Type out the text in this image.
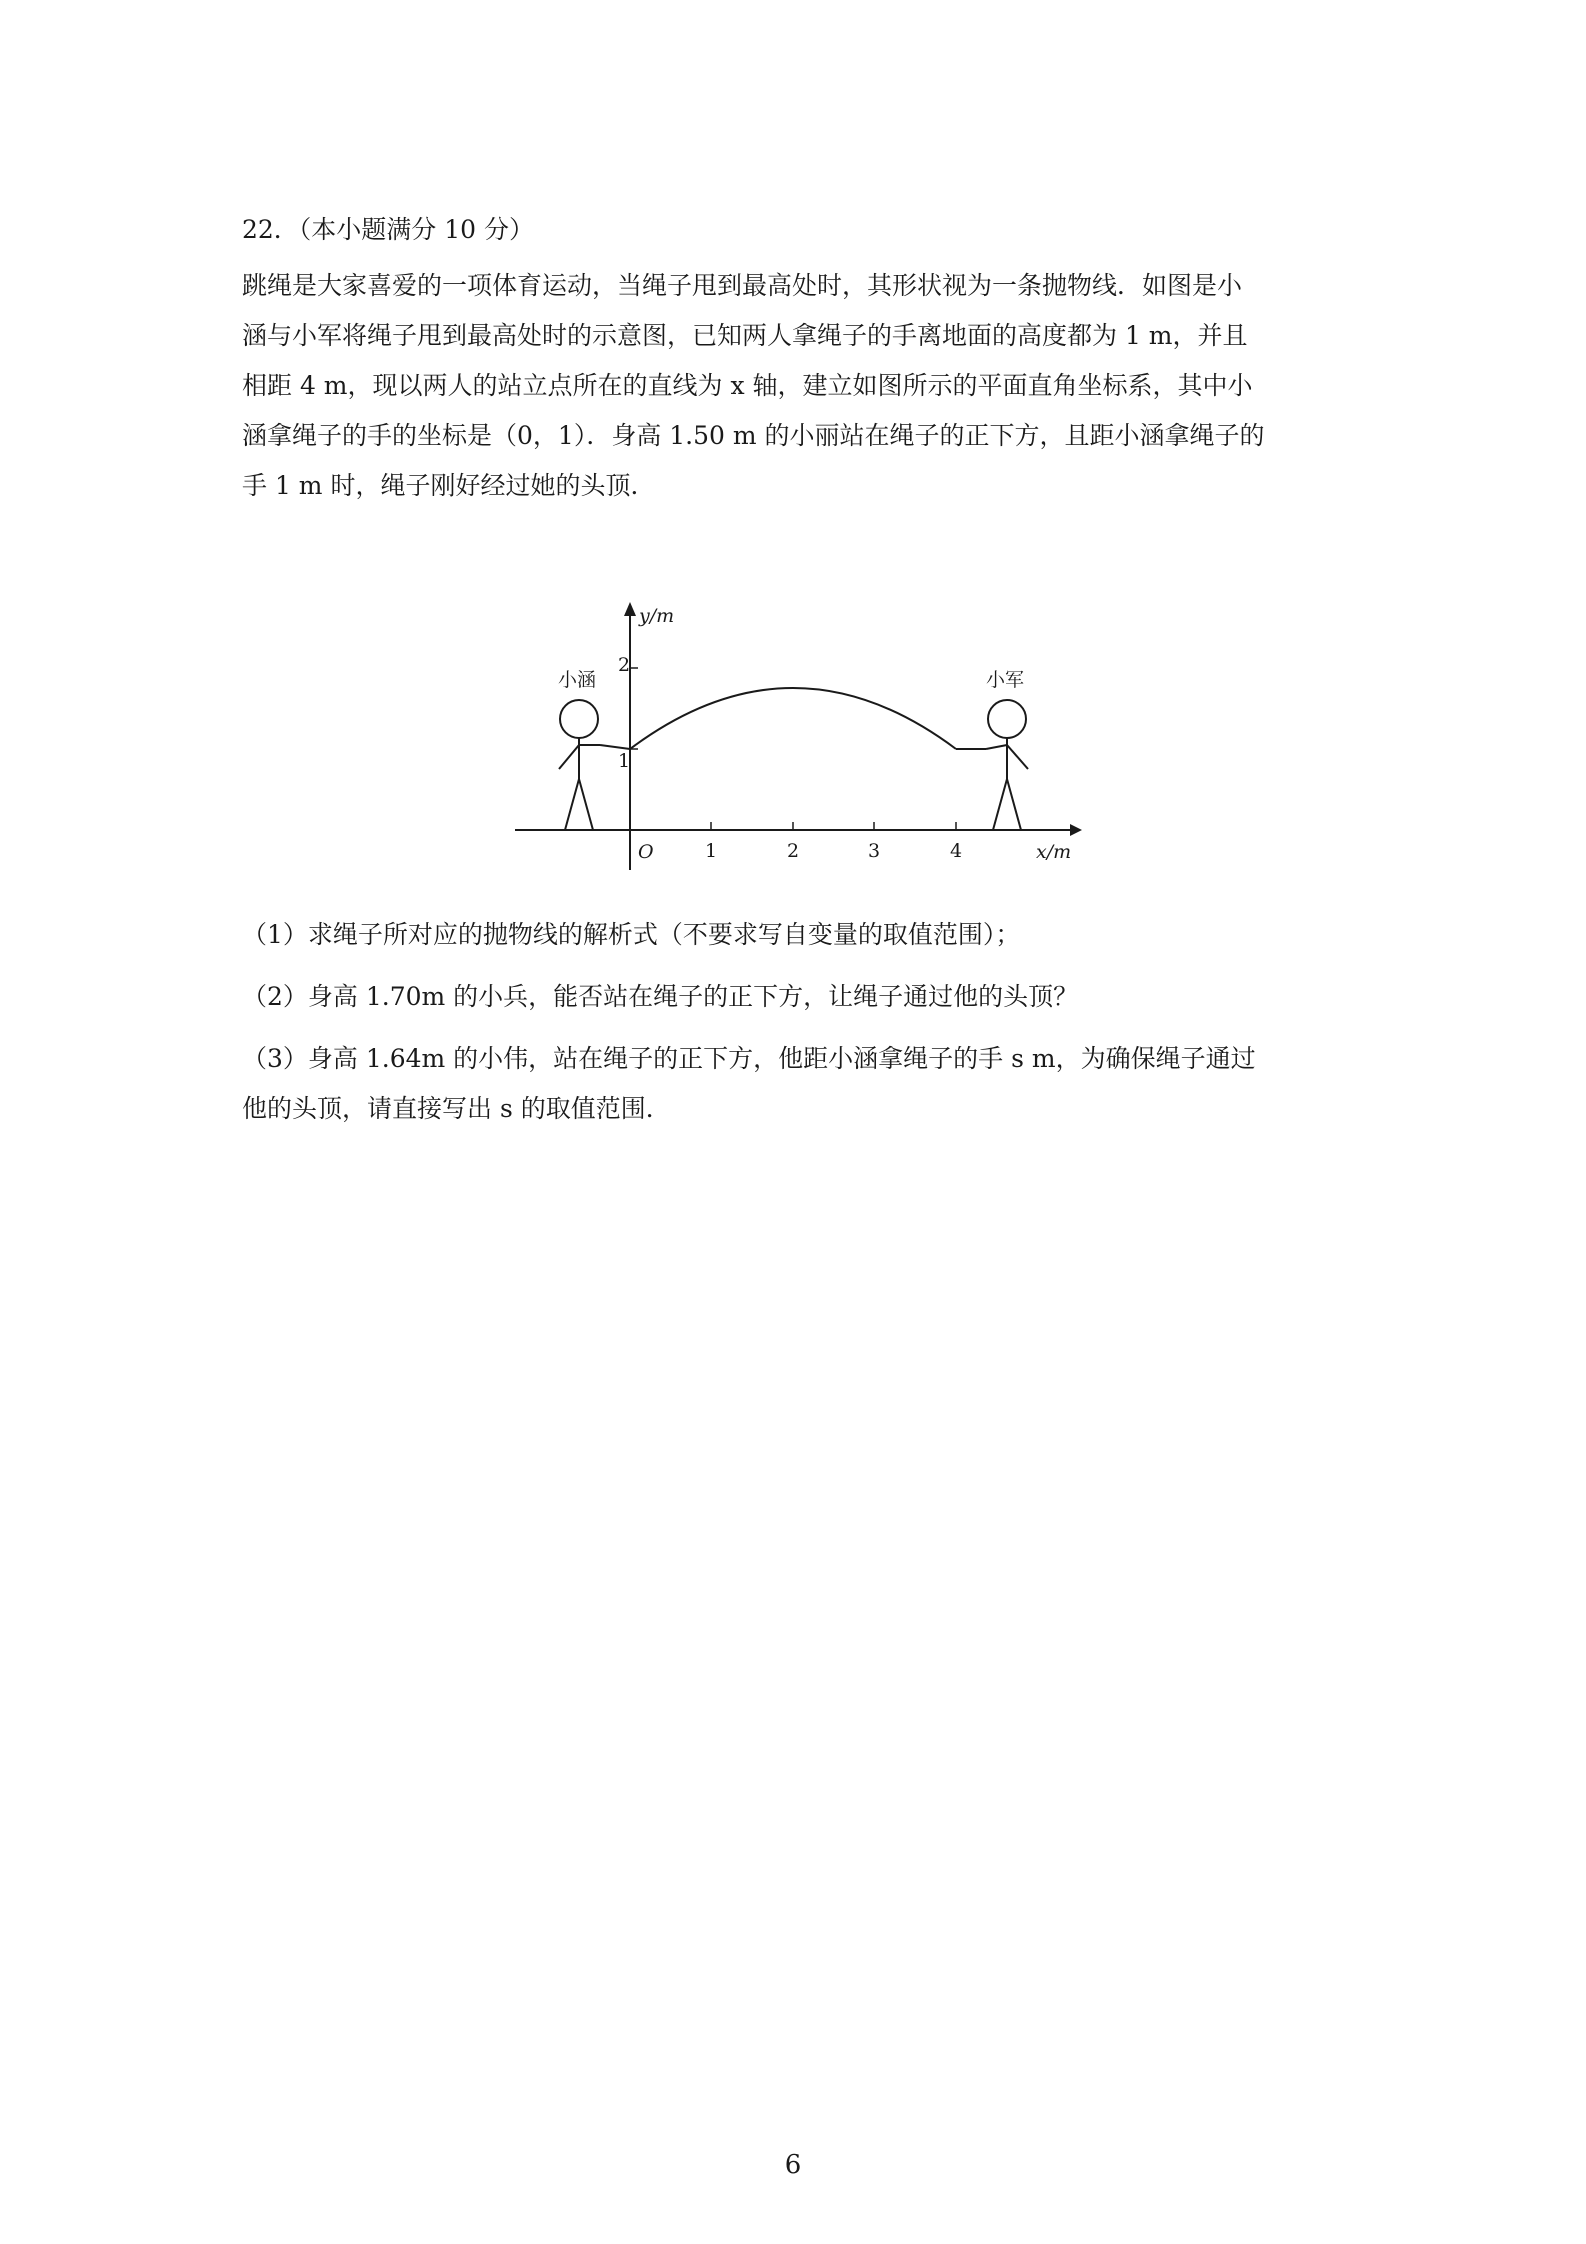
22．（本小题满分 10 分）

跳绳是大家喜爱的一项体育运动，当绳子甩到最高处时，其形状视为一条抛物线．如图是小

涵与小军将绳子甩到最高处时的示意图，已知两人拿绳子的手离地面的高度都为 1 m，并且

相距 4 m，现以两人的站立点所在的直线为 x 轴，建立如图所示的平面直角坐标系，其中小

涵拿绳子的手的坐标是（0，1）．身高 1.50 m 的小丽站在绳子的正下方，且距小涵拿绳子的

手 1 m 时，绳子刚好经过她的头顶．

1	2	3	4
1
2
y/m
x/m
O
小涵	小军

（1）求绳子所对应的抛物线的解析式（不要求写自变量的取值范围）；

（2）身高 1.70m 的小兵，能否站在绳子的正下方，让绳子通过他的头顶？

（3）身高 1.64m 的小伟，站在绳子的正下方，他距小涵拿绳子的手 s m，为确保绳子通过

他的头顶，请直接写出 s 的取值范围．

6
